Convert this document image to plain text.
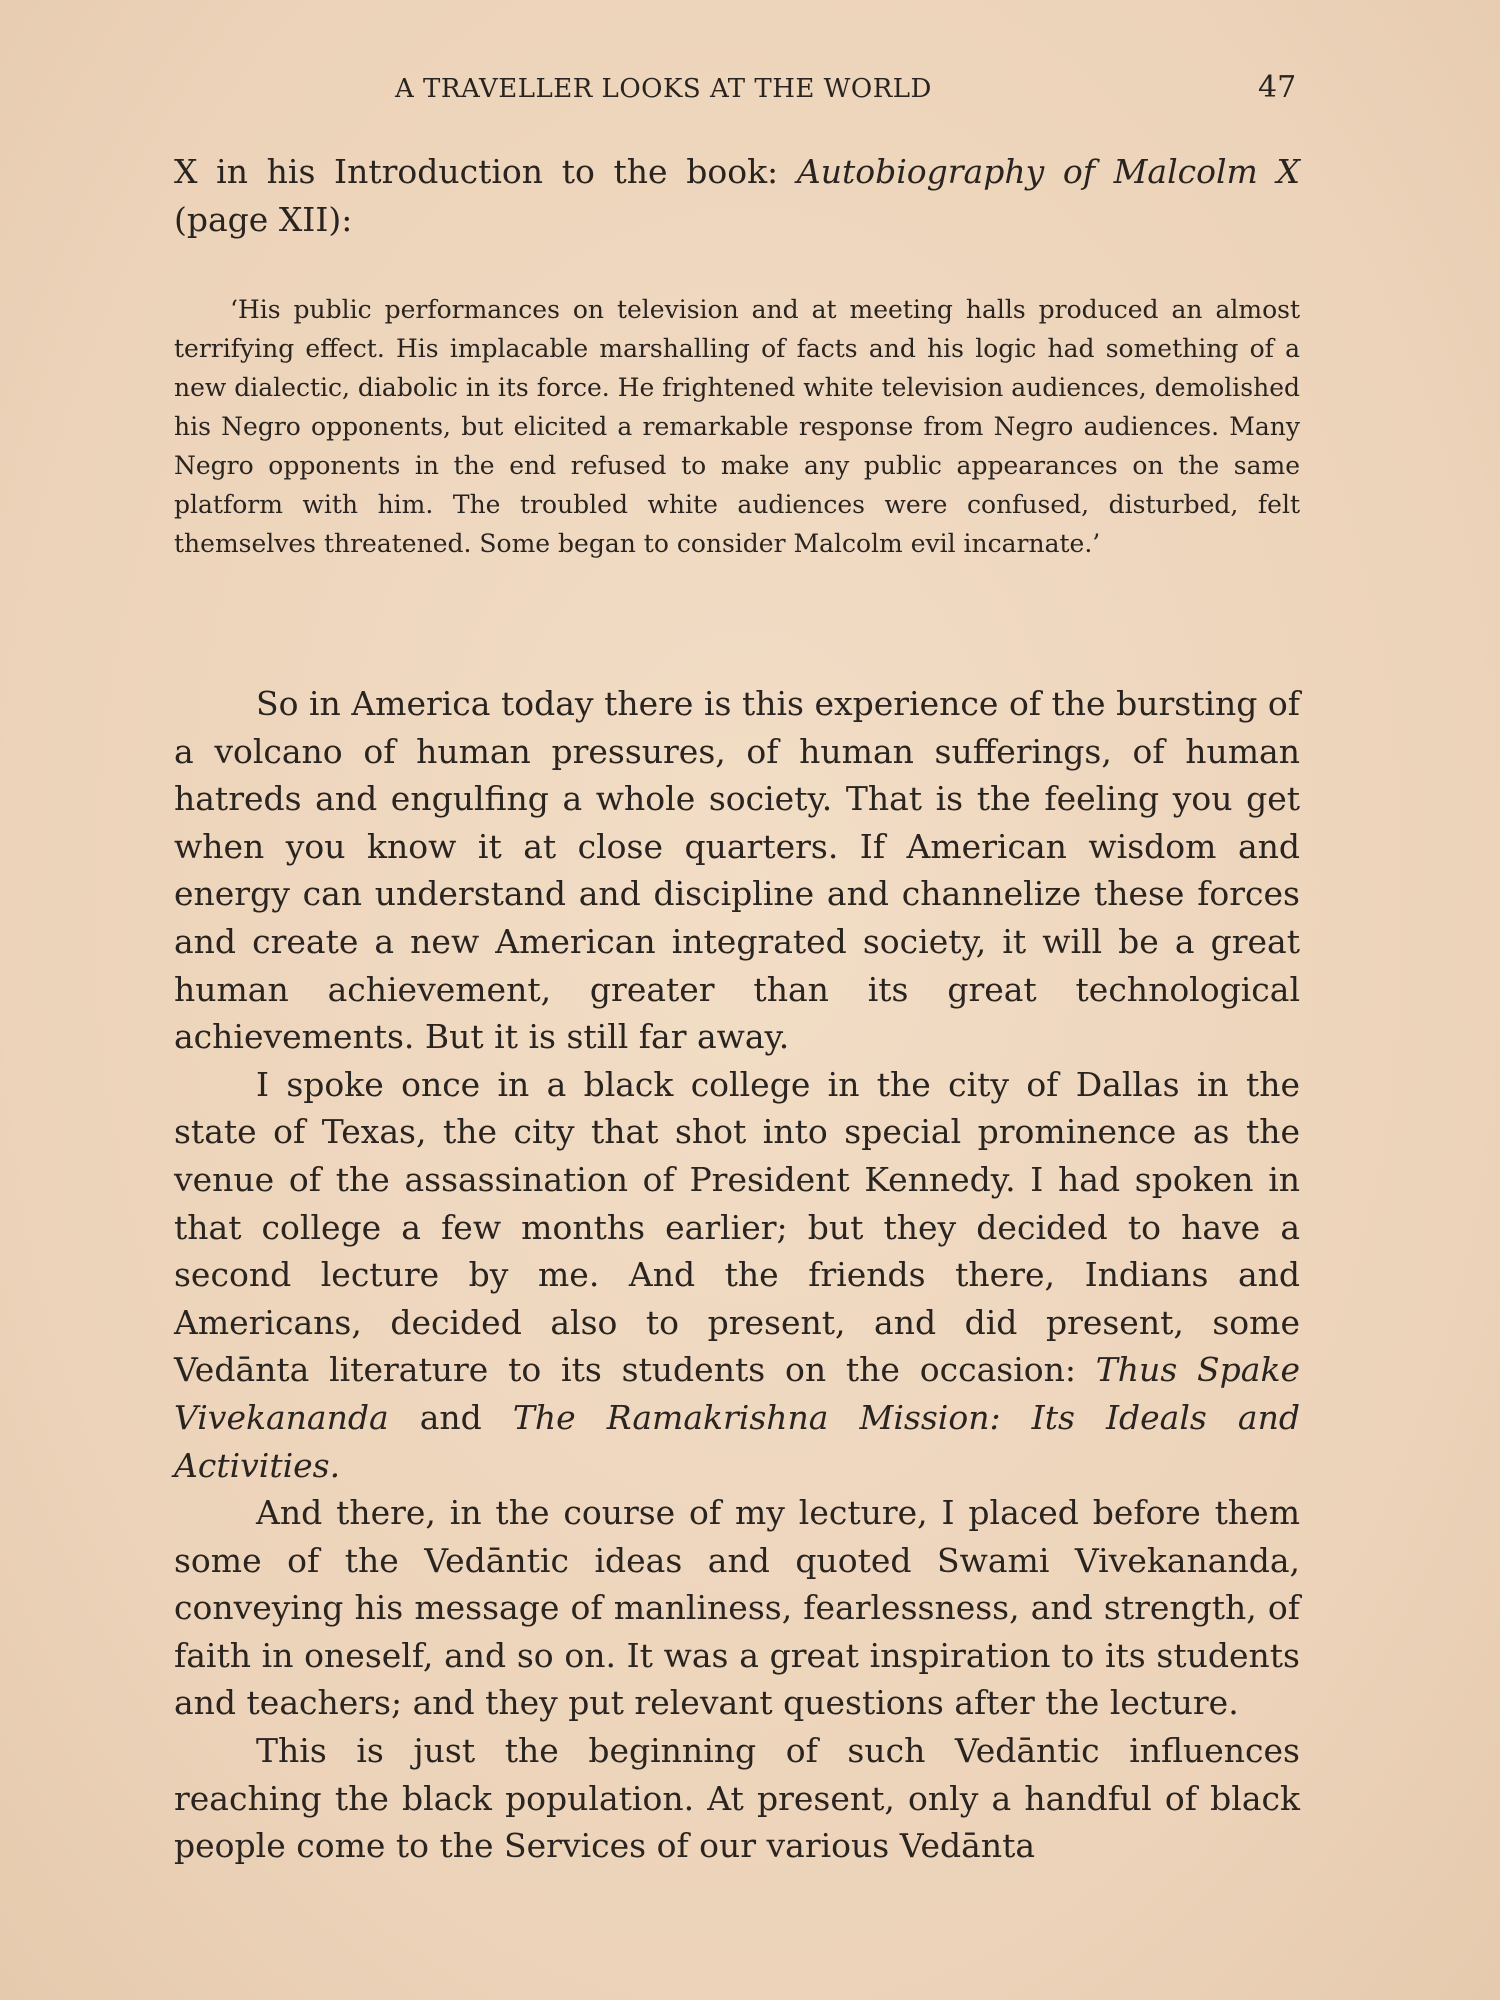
A TRAVELLER LOOKS AT THE WORLD	47

X in his Introduction to the book: Autobiography of Malcolm X (page XII):

‘His public performances on television and at meeting halls produced an almost terrifying effect. His implacable marshalling of facts and his logic had something of a new dialectic, diabolic in its force. He frightened white television audiences, demolished his Negro opponents, but elicited a remarkable response from Negro audiences. Many Negro opponents in the end refused to make any public appearances on the same platform with him. The troubled white audiences were confused, disturbed, felt themselves threatened. Some began to consider Malcolm evil incarnate.’

So in America today there is this experience of the bursting of a volcano of human pressures, of human sufferings, of human hatreds and engulfing a whole society. That is the feeling you get when you know it at close quarters. If American wisdom and energy can understand and discipline and channelize these forces and create a new American integrated society, it will be a great human achievement, greater than its great technological achievements. But it is still far away.

I spoke once in a black college in the city of Dallas in the state of Texas, the city that shot into special prominence as the venue of the assassination of President Kennedy. I had spoken in that college a few months earlier; but they decided to have a second lecture by me. And the friends there, Indians and Americans, decided also to present, and did present, some Vedānta literature to its students on the occasion: Thus Spake Vivekananda and The Ramakrishna Mission: Its Ideals and Activities.

And there, in the course of my lecture, I placed before them some of the Vedāntic ideas and quoted Swami Vivekananda, conveying his message of manliness, fearlessness, and strength, of faith in oneself, and so on. It was a great inspiration to its students and teachers; and they put relevant questions after the lecture.

This is just the beginning of such Vedāntic influences reaching the black population. At present, only a handful of black people come to the Services of our various Vedānta
